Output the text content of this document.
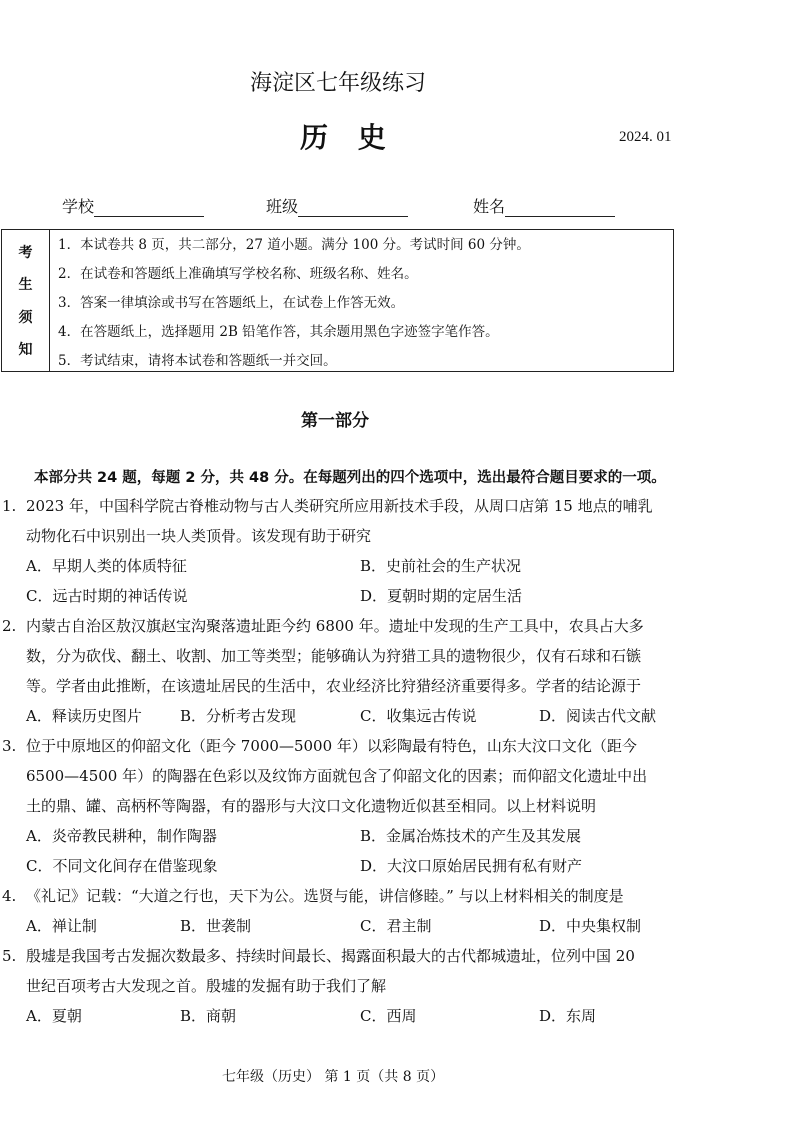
海淀区七年级练习
历 史	2024. 01
学校	班级	姓名
考
生
须
知
1．本试卷共 8 页，共二部分，27 道小题。满分 100 分。考试时间 60 分钟。
2．在试卷和答题纸上准确填写学校名称、班级名称、姓名。
3．答案一律填涂或书写在答题纸上，在试卷上作答无效。
4．在答题纸上，选择题用 2B 铅笔作答，其余题用黑色字迹签字笔作答。
5．考试结束，请将本试卷和答题纸一并交回。
第一部分
本部分共 24 题，每题 2 分，共 48 分。在每题列出的四个选项中，选出最符合题目要求的一项。
1. 2023 年，中国科学院古脊椎动物与古人类研究所应用新技术手段，从周口店第 15 地点的哺乳
动物化石中识别出一块人类顶骨。该发现有助于研究
A．早期人类的体质特征	B．史前社会的生产状况
C．远古时期的神话传说	D．夏朝时期的定居生活
2. 内蒙古自治区敖汉旗赵宝沟聚落遗址距今约 6800 年。遗址中发现的生产工具中，农具占大多
数，分为砍伐、翻土、收割、加工等类型；能够确认为狩猎工具的遗物很少，仅有石球和石镞
等。学者由此推断，在该遗址居民的生活中，农业经济比狩猎经济重要得多。学者的结论源于
A．释读历史图片	B．分析考古发现	C．收集远古传说	D．阅读古代文献
3. 位于中原地区的仰韶文化（距今 7000—5000 年）以彩陶最有特色，山东大汶口文化（距今
6500—4500 年）的陶器在色彩以及纹饰方面就包含了仰韶文化的因素；而仰韶文化遗址中出
土的鼎、罐、高柄杯等陶器，有的器形与大汶口文化遗物近似甚至相同。以上材料说明
A．炎帝教民耕种，制作陶器	B．金属冶炼技术的产生及其发展
C．不同文化间存在借鉴现象	D．大汶口原始居民拥有私有财产
4. 《礼记》记载：“大道之行也，天下为公。选贤与能，讲信修睦。” 与以上材料相关的制度是
A．禅让制	B．世袭制	C．君主制	D．中央集权制
5. 殷墟是我国考古发掘次数最多、持续时间最长、揭露面积最大的古代都城遗址，位列中国 20
世纪百项考古大发现之首。殷墟的发掘有助于我们了解
A．夏朝	B．商朝	C．西周	D．东周
七年级（历史） 第 1 页（共 8 页）
